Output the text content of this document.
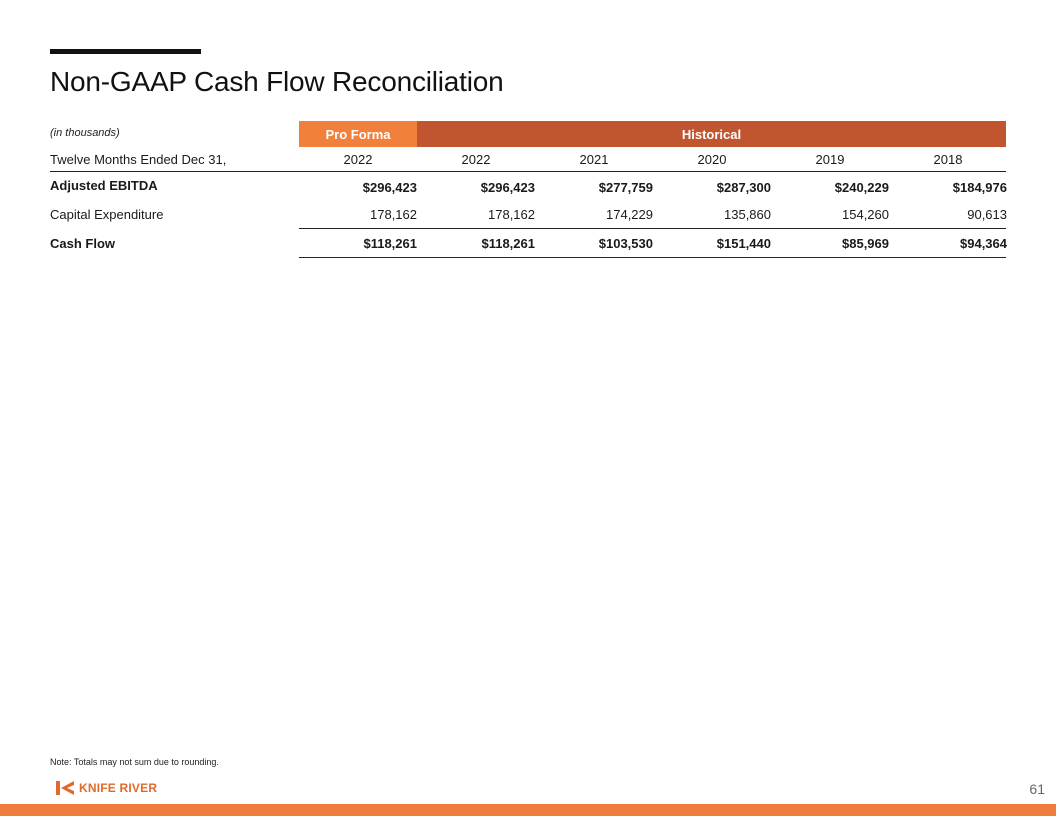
Non-GAAP Cash Flow Reconciliation
(in thousands)	Pro Forma	Historical
Twelve Months Ended Dec 31,	2022	2022	2021	2020	2019	2018
Adjusted EBITDA	$296,423	$296,423	$277,759	$287,300	$240,229	$184,976
Capital Expenditure	178,162	178,162	174,229	135,860	154,260	90,613
Cash Flow	$118,261	$118,261	$103,530	$151,440	$85,969	$94,364
Note: Totals may not sum due to rounding.
KNIFE RIVER	61
